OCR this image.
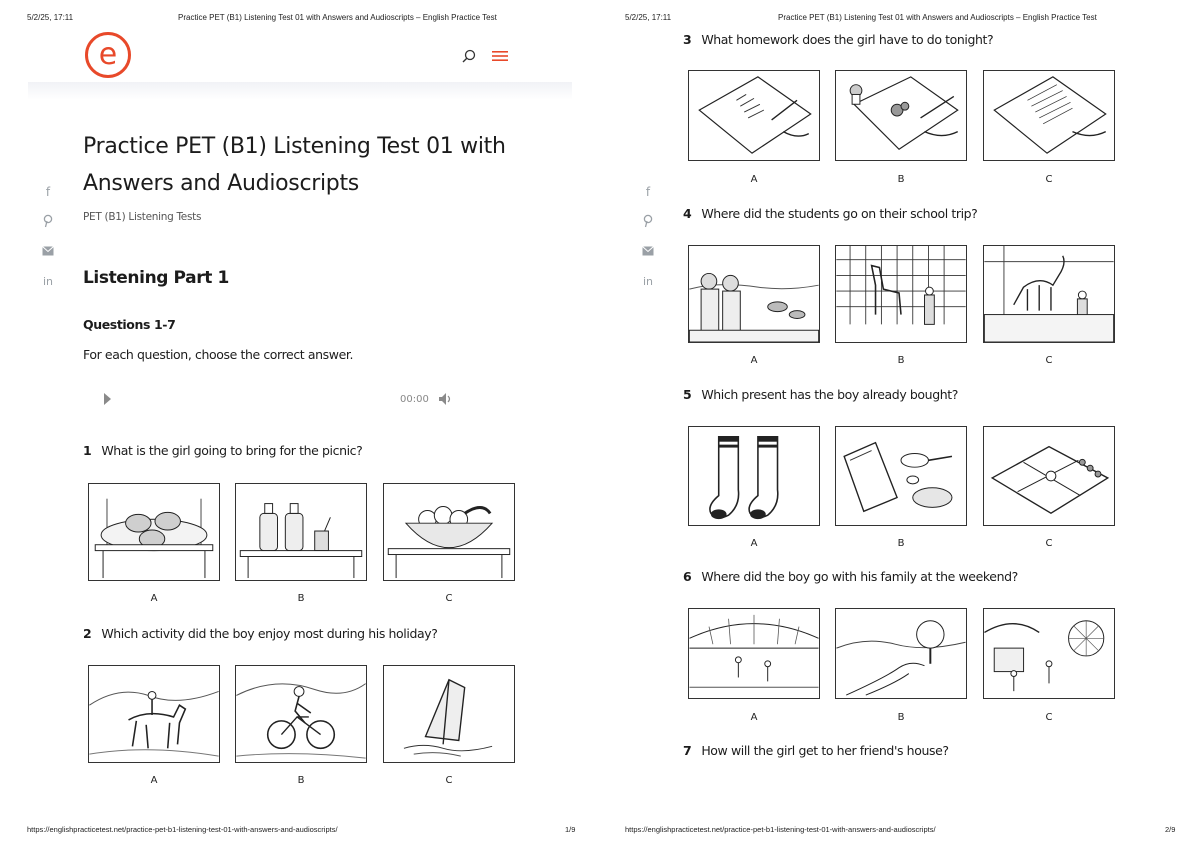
5/2/25, 17:11	Practice PET (B1) Listening Test 01 with Answers and Audioscripts – English Practice Test
e
f
in
Practice PET (B1) Listening Test 01 with
Answers and Audioscripts
PET (B1) Listening Tests
Listening Part 1
Questions 1-7
For each question, choose the correct answer.
00:00
1 What is the girl going to bring for the picnic?
A	B	C
2 Which activity did the boy enjoy most during his holiday?
A	B	C
https://englishpracticetest.net/practice-pet-b1-listening-test-01-with-answers-and-audioscripts/	1/9
5/2/25, 17:11	Practice PET (B1) Listening Test 01 with Answers and Audioscripts – English Practice Test
f
in
3 What homework does the girl have to do tonight?
A	B	C
4 Where did the students go on their school trip?
A	B	C
5 Which present has the boy already bought?
A	B	C
6 Where did the boy go with his family at the weekend?
A	B	C
7 How will the girl get to her friend's house?
https://englishpracticetest.net/practice-pet-b1-listening-test-01-with-answers-and-audioscripts/	2/9
